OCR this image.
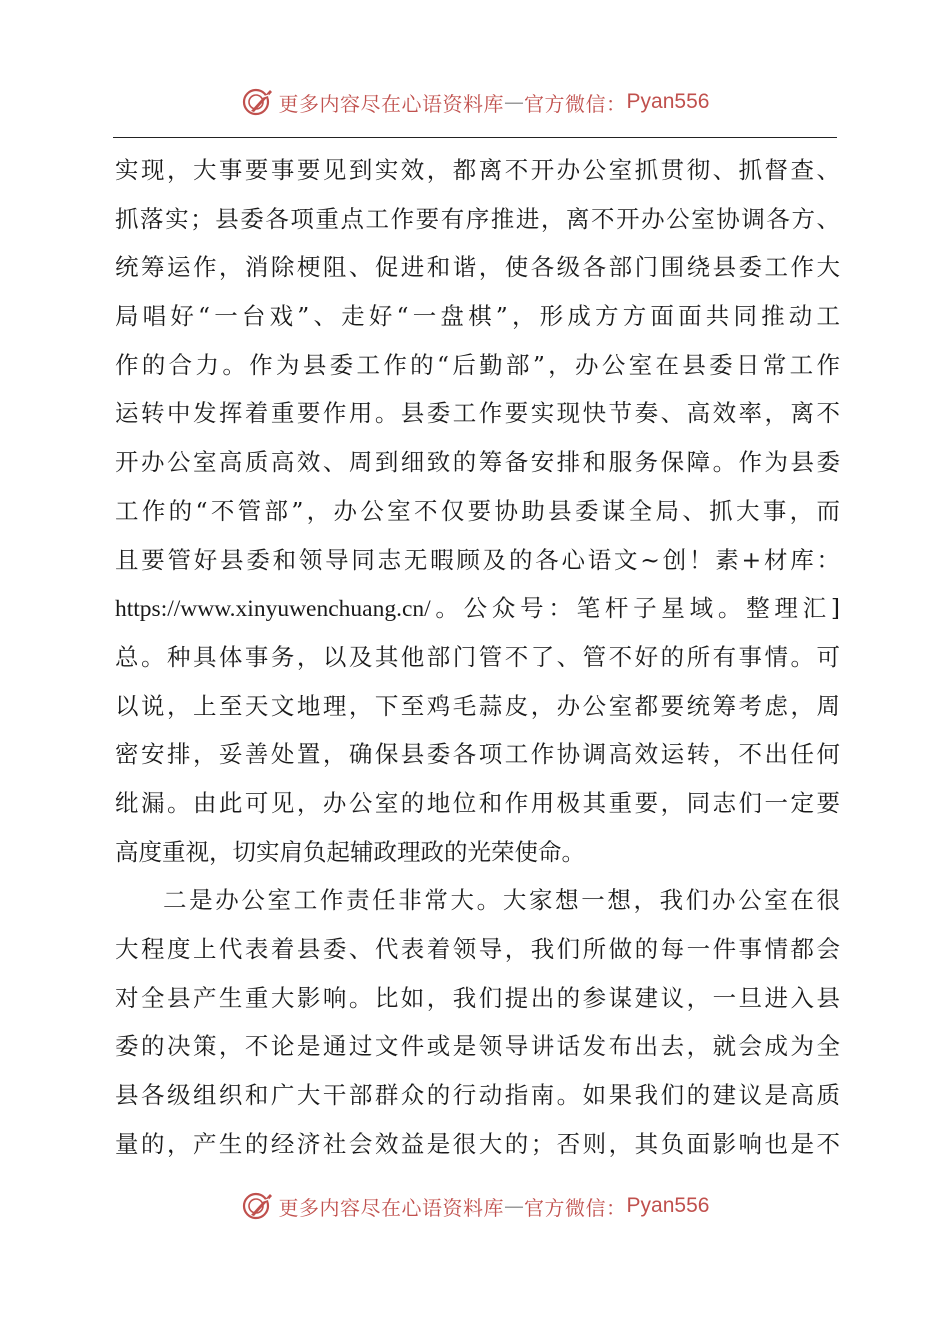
更多内容尽在心语资料库 — 官方微信： Pyan556
实现，大事要事要见到实效，都离不开办公室抓贯彻、抓督查、
抓落实；县委各项重点工作要有序推进，离不开办公室协调各方、
统筹运作，消除梗阻、促进和谐，使各级各部门围绕县委工作大
局唱好“一台戏”、走好“一盘棋”，形成方方面面共同推动工
作的合力。作为县委工作的“后勤部”，办公室在县委日常工作
运转中发挥着重要作用。县委工作要实现快节奏、高效率，离不
开办公室高质高效、周到细致的筹备安排和服务保障。作为县委
工作的“不管部”，办公室不仅要协助县委谋全局、抓大事，而
且要管好县委和领导同志无暇顾及的各心语文~创！素+材库：
https://www.xinyuwenchuang.cn/。公众号：笔杆子星域。整理汇]
总。种具体事务，以及其他部门管不了、管不好的所有事情。可
以说，上至天文地理，下至鸡毛蒜皮，办公室都要统筹考虑，周
密安排，妥善处置，确保县委各项工作协调高效运转，不出任何
纰漏。由此可见，办公室的地位和作用极其重要，同志们一定要
高度重视，切实肩负起辅政理政的光荣使命。
二是办公室工作责任非常大。大家想一想，我们办公室在很
大程度上代表着县委、代表着领导，我们所做的每一件事情都会
对全县产生重大影响。比如，我们提出的参谋建议，一旦进入县
委的决策，不论是通过文件或是领导讲话发布出去，就会成为全
县各级组织和广大干部群众的行动指南。如果我们的建议是高质
量的，产生的经济社会效益是很大的；否则，其负面影响也是不
更多内容尽在心语资料库 — 官方微信： Pyan556
